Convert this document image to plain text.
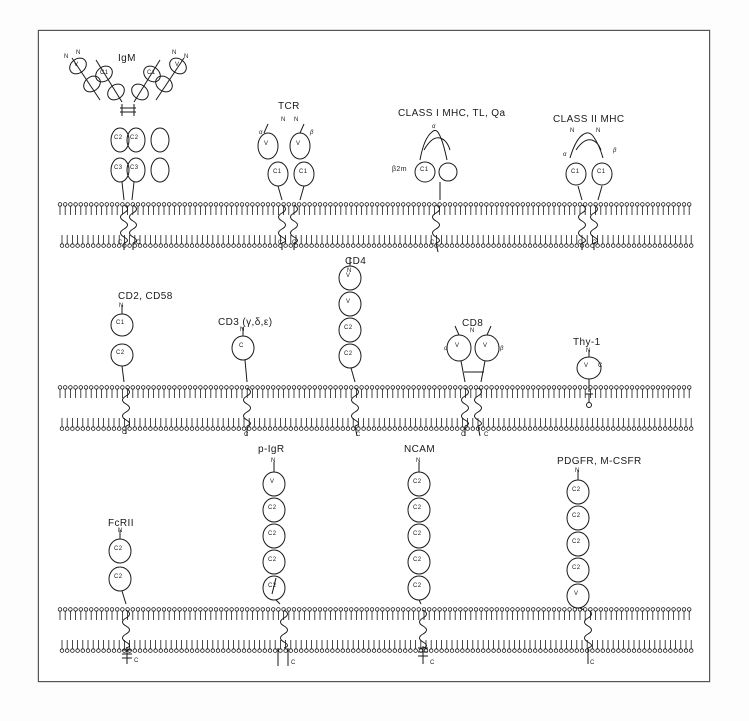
IgM
N
N	N
N
V	V
C1	C1
C2 C2
C3 C3
C C
TCR
N N
α	β
V	V
C1	C1
C C
CLASS I MHC, TL, Qa
α
β2m C1
C
CLASS II MHC
N	N
α
β
C1	C1
C C
CD2, CD58
N
C1
C2
C
CD3 (γ,δ,ε)
N
C
C
CD4
N
V
V
C2
C2
C
CD8
N
α	β
V	V
C	C
Thy-1
N
V C
FcRII
N
C2
C2
C
p-IgR
N
V
C2
C2
C2
C2
C
NCAM
N
C2
C2
C2
C2
C2
C
PDGFR, M-CSFR
N
C2
C2
C2
C2
V
C
